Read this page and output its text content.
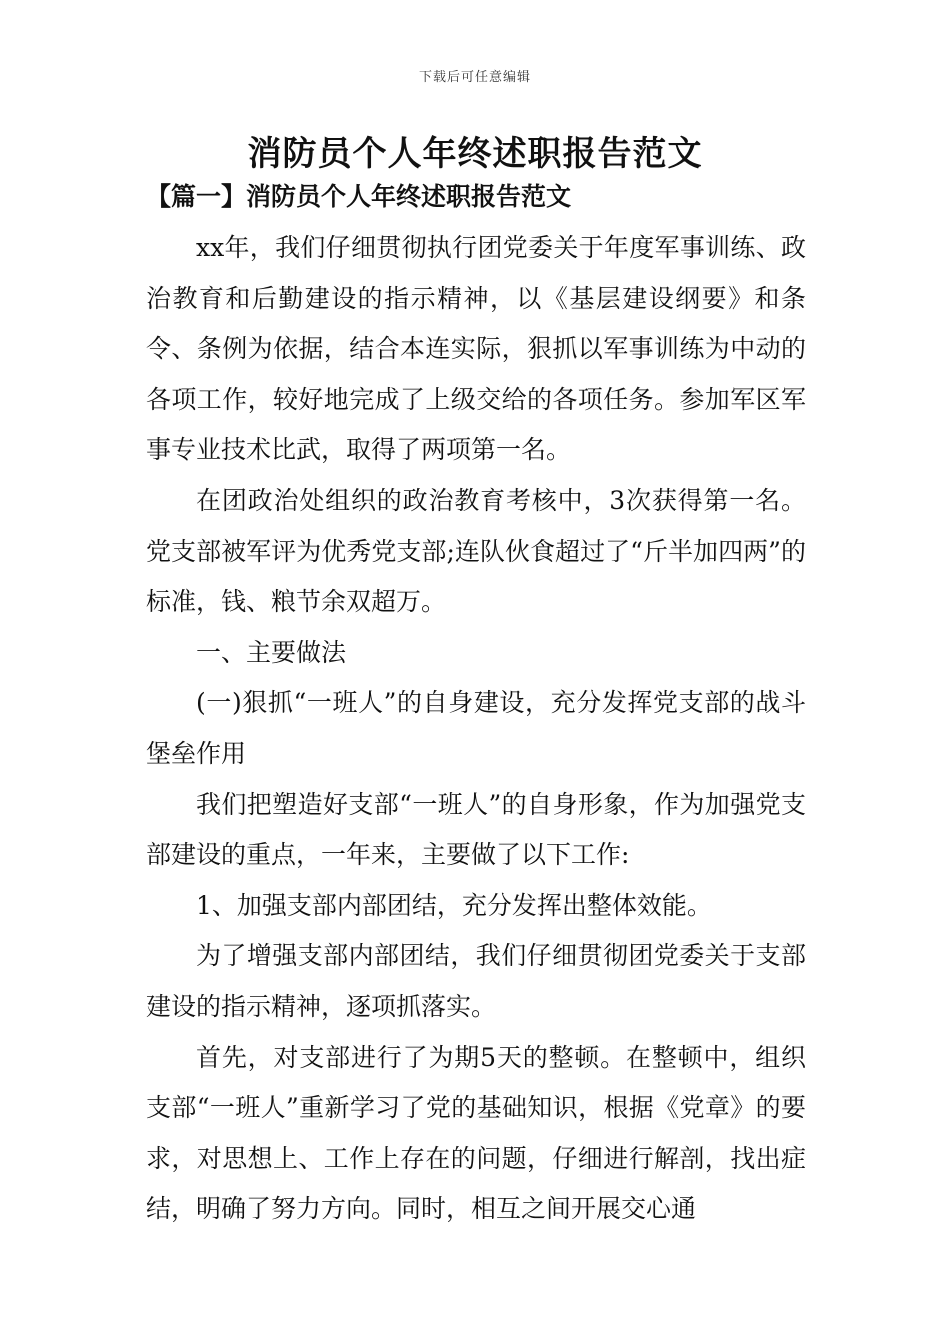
下载后可任意编辑
消防员个人年终述职报告范文
【篇一】消防员个人年终述职报告范文

xx年，我们仔细贯彻执行团党委关于年度军事训练、政治教育和后勤建设的指示精神，以《基层建设纲要》和条令、条例为依据，结合本连实际，狠抓以军事训练为中动的各项工作，较好地完成了上级交给的各项任务。参加军区军事专业技术比武，取得了两项第一名。

在团政治处组织的政治教育考核中，3次获得第一名。党支部被军评为优秀党支部;连队伙食超过了“斤半加四两”的标准，钱、粮节余双超万。

一、主要做法

(一)狠抓“一班人”的自身建设，充分发挥党支部的战斗堡垒作用

我们把塑造好支部“一班人”的自身形象，作为加强党支部建设的重点，一年来，主要做了以下工作:

1、加强支部内部团结，充分发挥出整体效能。

为了增强支部内部团结，我们仔细贯彻团党委关于支部建设的指示精神，逐项抓落实。

首先，对支部进行了为期5天的整顿。在整顿中，组织支部“一班人”重新学习了党的基础知识，根据《党章》的要求，对思想上、工作上存在的问题，仔细进行解剖，找出症结，明确了努力方向。同时，相互之间开展交心通
